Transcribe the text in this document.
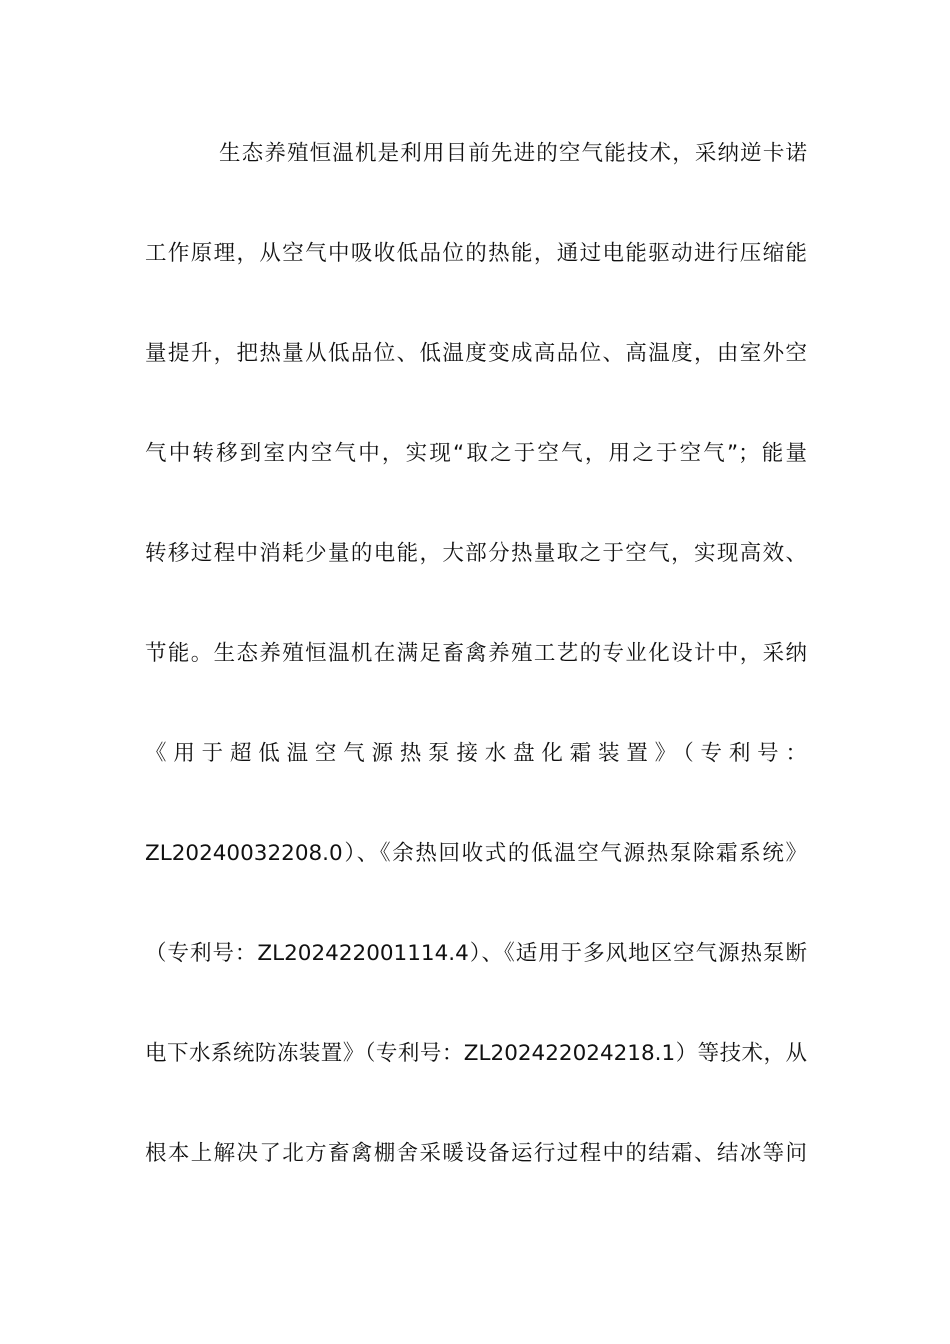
生态养殖恒温机是利用目前先进的空气能技术，采纳逆卡诺
工作原理，从空气中吸收低品位的热能，通过电能驱动进行压缩能
量提升，把热量从低品位、低温度变成高品位、高温度，由室外空
气中转移到室内空气中，实现“取之于空气，用之于空气”；能量
转移过程中消耗少量的电能，大部分热量取之于空气，实现高效、
节能。生态养殖恒温机在满足畜禽养殖工艺的专业化设计中，采纳
《用于超低温空气源热泵接水盘化霜装置》（专利号：
ZL20240032208.0）、《余热回收式的低温空气源热泵除霜系统》
（专利号：ZL202422001114.4）、《适用于多风地区空气源热泵断
电下水系统防冻装置》（专利号：ZL202422024218.1）等技术，从
根本上解决了北方畜禽棚舍采暖设备运行过程中的结霜、结冰等问
